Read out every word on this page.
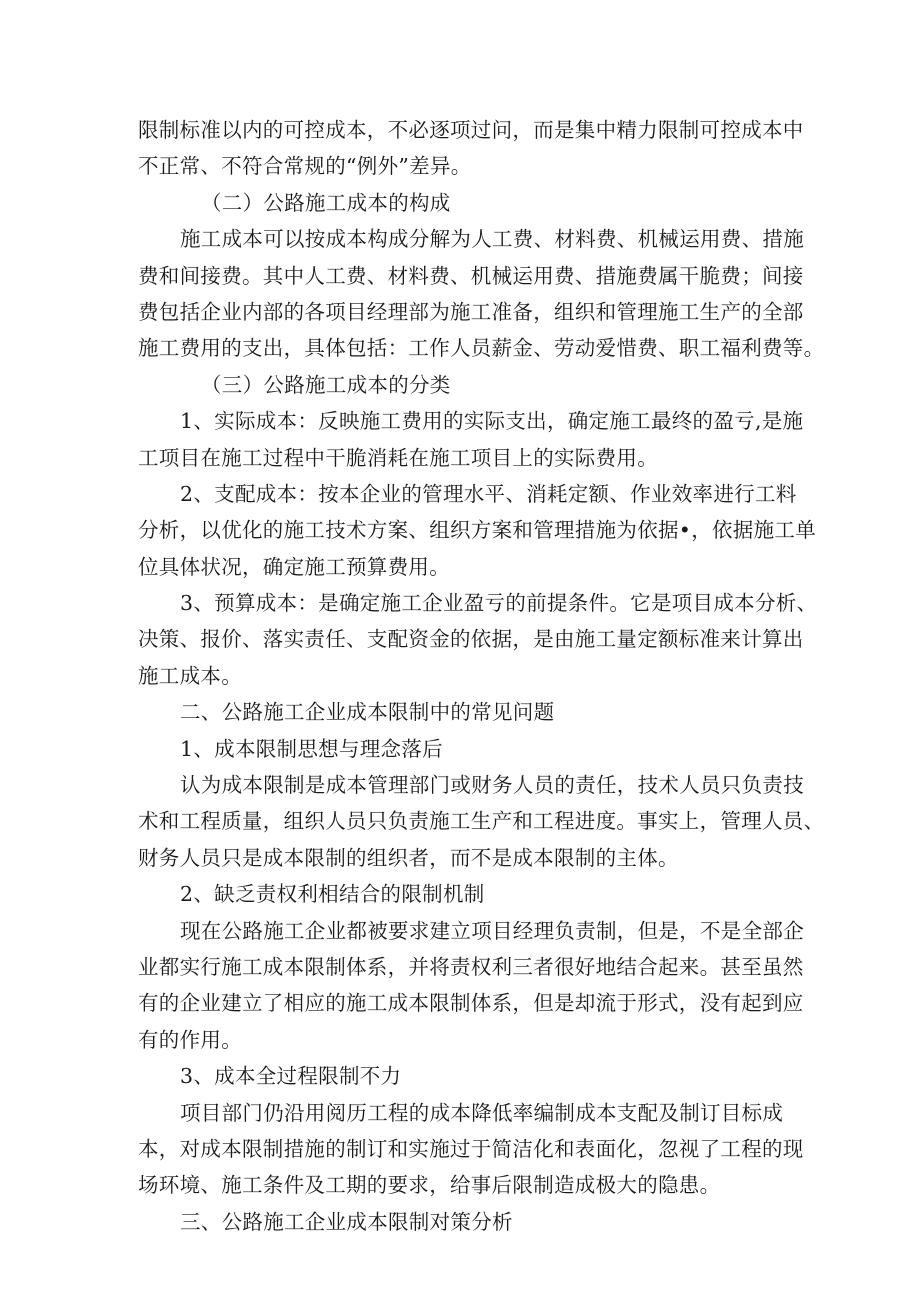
限制标准以内的可控成本，不必逐项过问，而是集中精力限制可控成本中
不正常、不符合常规的“例外”差异。
（二）公路施工成本的构成
施工成本可以按成本构成分解为人工费、材料费、机械运用费、措施
费和间接费。其中人工费、材料费、机械运用费、措施费属干脆费；间接
费包括企业内部的各项目经理部为施工准备，组织和管理施工生产的全部
施工费用的支出，具体包括：工作人员薪金、劳动爱惜费、职工福利费等。
（三）公路施工成本的分类
1、实际成本：反映施工费用的实际支出，确定施工最终的盈亏,是施
工项目在施工过程中干脆消耗在施工项目上的实际费用。
2、支配成本：按本企业的管理水平、消耗定额、作业效率进行工料
分析，以优化的施工技术方案、组织方案和管理措施为依据•，依据施工单
位具体状况，确定施工预算费用。
3、预算成本：是确定施工企业盈亏的前提条件。它是项目成本分析、
决策、报价、落实责任、支配资金的依据，是由施工量定额标准来计算出
施工成本。
二、公路施工企业成本限制中的常见问题
1、成本限制思想与理念落后
认为成本限制是成本管理部门或财务人员的责任，技术人员只负责技
术和工程质量，组织人员只负责施工生产和工程进度。事实上，管理人员、
财务人员只是成本限制的组织者，而不是成本限制的主体。
2、缺乏责权利相结合的限制机制
现在公路施工企业都被要求建立项目经理负责制，但是，不是全部企
业都实行施工成本限制体系，并将责权利三者很好地结合起来。甚至虽然
有的企业建立了相应的施工成本限制体系，但是却流于形式，没有起到应
有的作用。
3、成本全过程限制不力
项目部门仍沿用阅历工程的成本降低率编制成本支配及制订目标成
本，对成本限制措施的制订和实施过于简洁化和表面化，忽视了工程的现
场环境、施工条件及工期的要求，给事后限制造成极大的隐患。
三、公路施工企业成本限制对策分析
